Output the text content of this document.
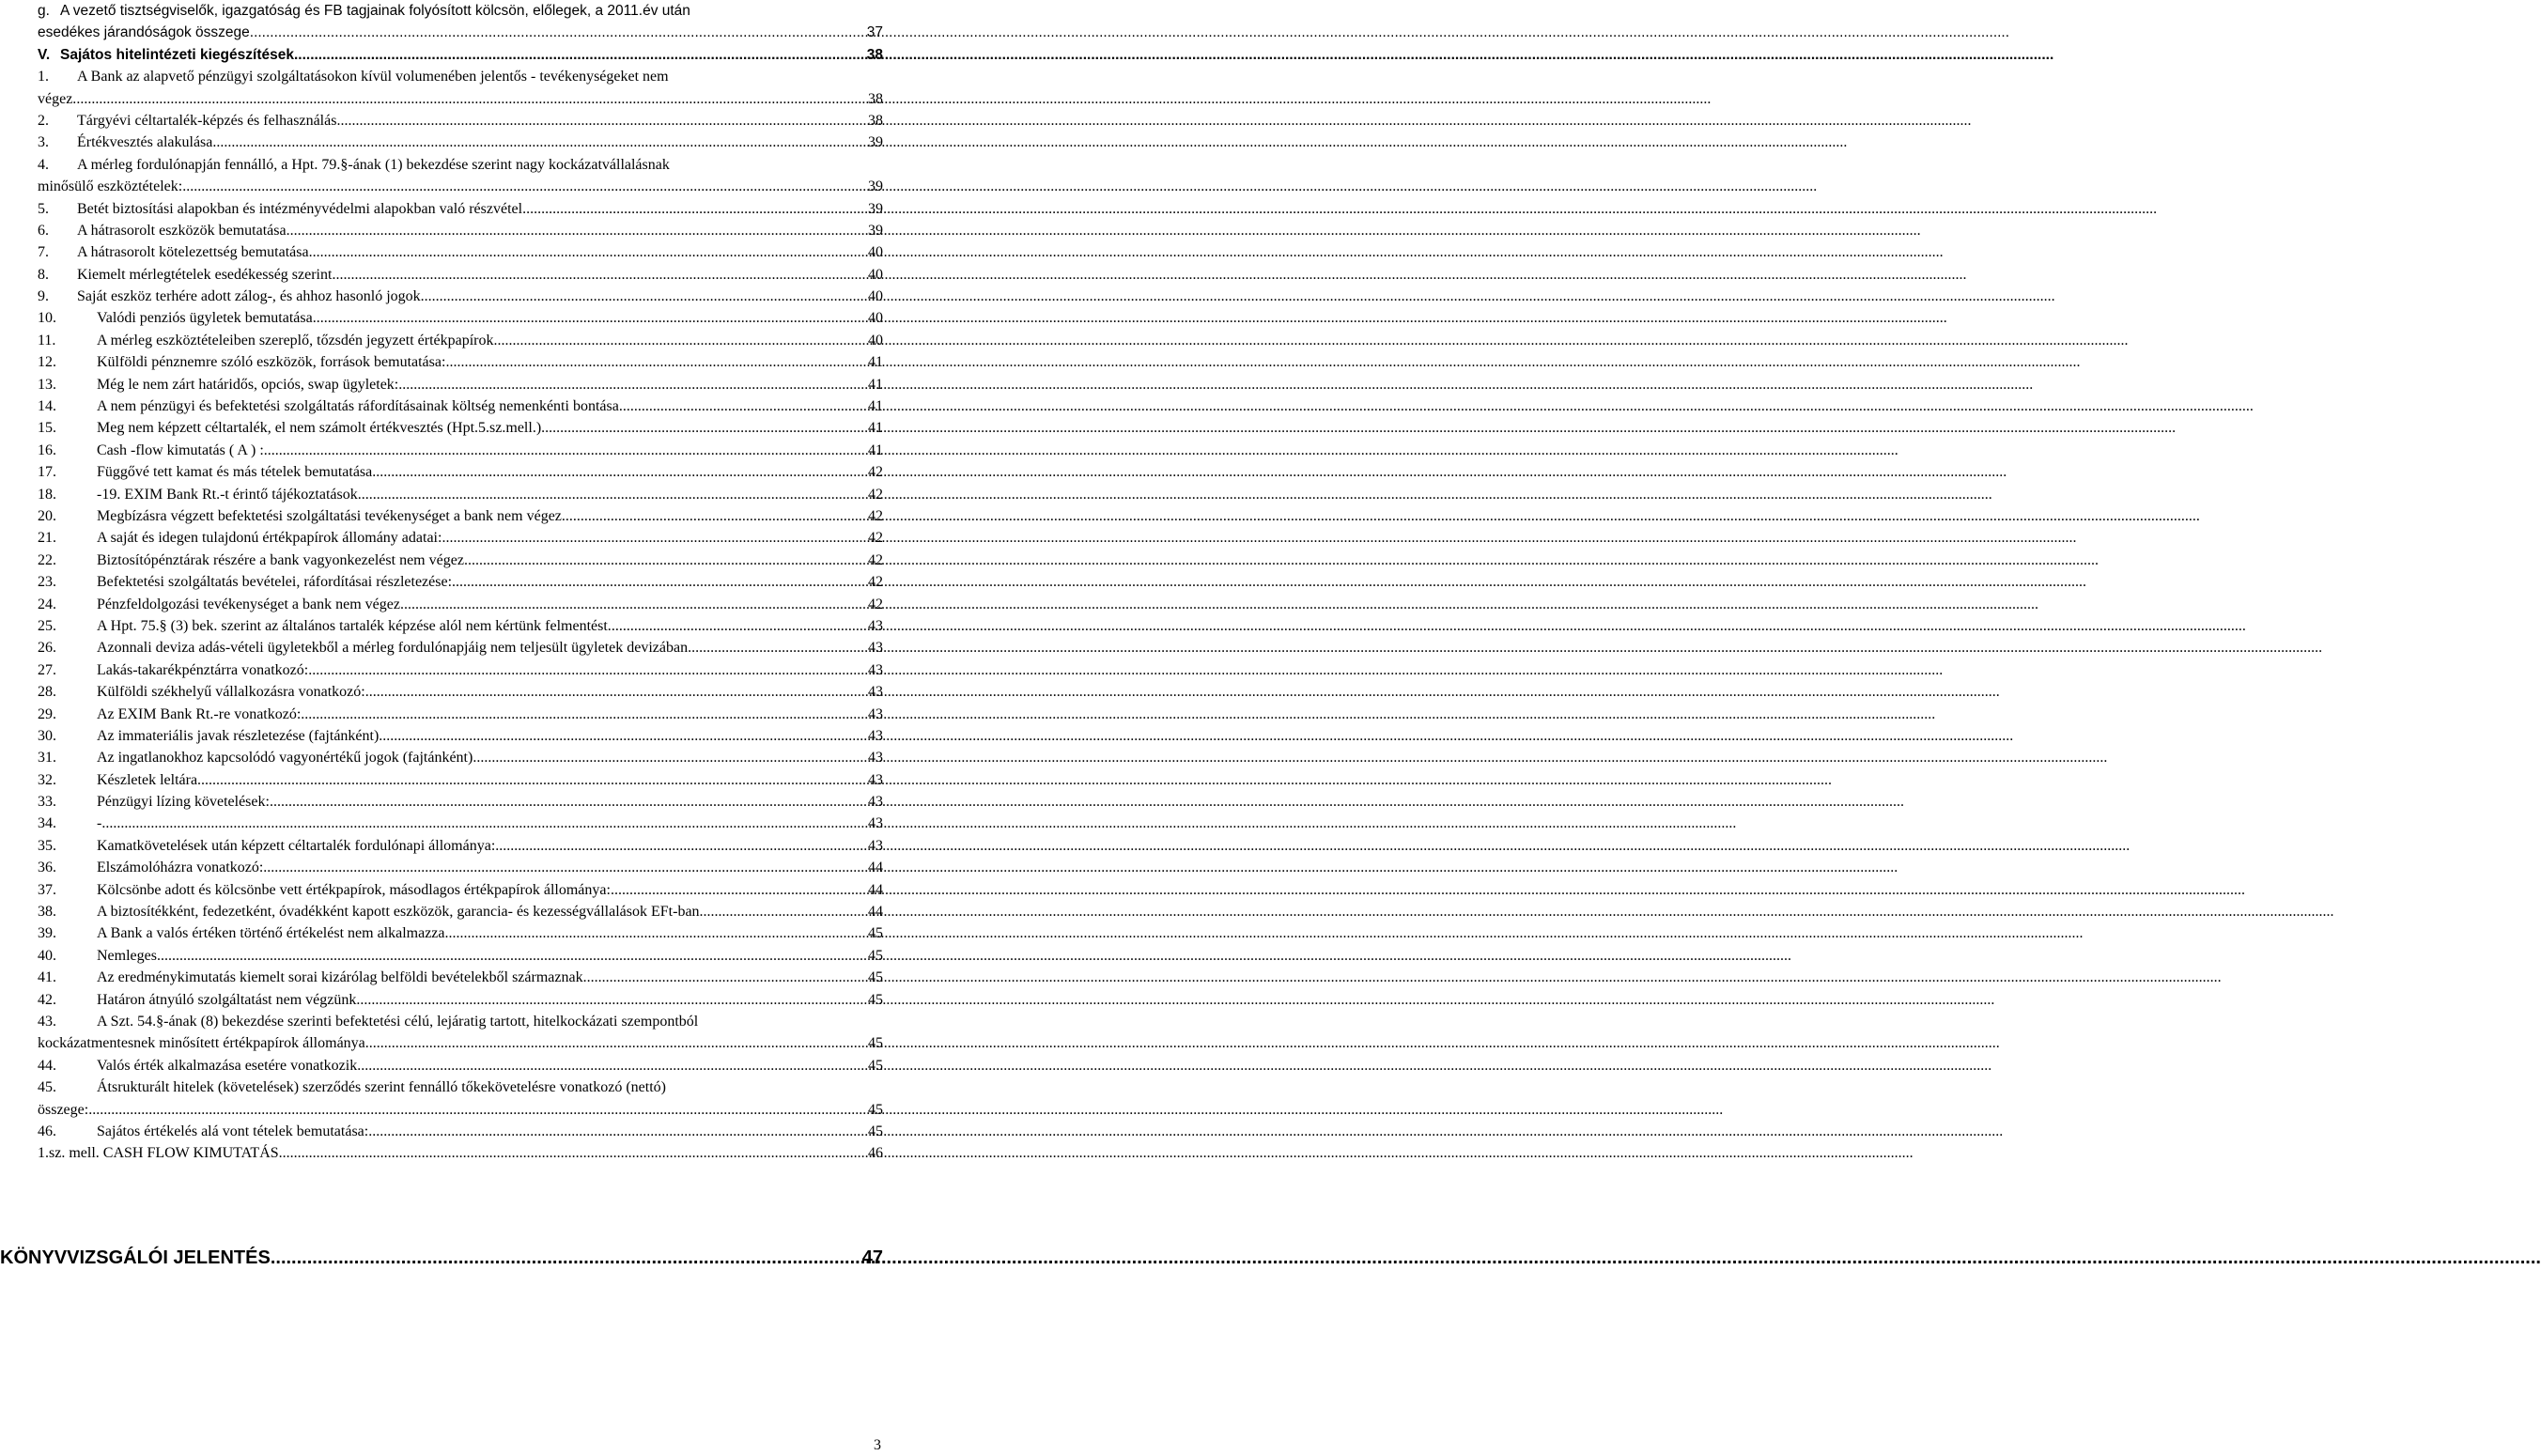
g. A vezető tisztségviselők, igazgatóság és FB tagjainak folyósított kölcsön, előlegek, a 2011.év után
esedékes járandóságok összege .....	37
V. Sajátos hitelintézeti kiegészítések .....	38
1. A Bank az alapvető pénzügyi szolgáltatásokon kívül volumenében jelentős - tevékenységeket nem
végez. .....	38
2.	Tárgyévi céltartalék-képzés és felhasználás .....	38
3.	Értékvesztés alakulása .....	39
4. A mérleg fordulónapján fennálló, a Hpt. 79.§-ának (1) bekezdése szerint nagy kockázatvállalásnak
minősülő eszköztételek: .....	39
5.	Betét biztosítási alapokban és intézményvédelmi alapokban való részvétel .....	39
6.	A hátrasorolt eszközök bemutatása .....	39
7.	A hátrasorolt kötelezettség bemutatása .....	40
8.	Kiemelt mérlegtételek esedékesség szerint .....	40
9.	Saját eszköz terhére adott zálog-, és ahhoz hasonló jogok .....	40
10.	Valódi penziós ügyletek bemutatása .....	40
11.	A mérleg eszköztételeiben szereplő, tőzsdén jegyzett értékpapírok .....	40
12.	Külföldi pénznemre szóló eszközök, források bemutatása: .....	41
13.	Még le nem zárt határidős, opciós, swap ügyletek: .....	41
14.	A nem pénzügyi és befektetési szolgáltatás ráfordításainak költség nemenkénti bontása .....	41
15.	Meg nem képzett céltartalék, el nem számolt értékvesztés (Hpt.5.sz.mell.) .....	41
16.	Cash -flow kimutatás ( A ) : .....	41
17.	Függővé tett kamat és más tételek bemutatása .....	42
18.	-19. EXIM Bank Rt.-t érintő tájékoztatások .....	42
20.	Megbízásra végzett befektetési szolgáltatási tevékenységet a bank nem végez. .....	42
21.	A saját és idegen tulajdonú értékpapírok állomány adatai: .....	42
22.	Biztosítópénztárak részére a bank vagyonkezelést nem végez .....	42
23.	Befektetési szolgáltatás bevételei, ráfordításai részletezése: .....	42
24.	Pénzfeldolgozási tevékenységet a bank nem végez. .....	42
25.	A Hpt. 75.§ (3) bek. szerint az általános tartalék képzése alól nem kértünk felmentést. .....	43
26.	Azonnali deviza adás-vételi ügyletekből a mérleg fordulónapjáig nem teljesült ügyletek devizában .....	43
27.	Lakás-takarékpénztárra vonatkozó: .....	43
28.	Külföldi székhelyű vállalkozásra vonatkozó: .....	43
29.	Az EXIM Bank Rt.-re vonatkozó: .....	43
30.	Az immateriális javak részletezése (fajtánként) .....	43
31.	Az ingatlanokhoz kapcsolódó vagyonértékű jogok (fajtánként) .....	43
32.	Készletek leltára .....	43
33.	Pénzügyi lízing követelések: .....	43
34.	- .....	43
35.	Kamatkövetelések után képzett céltartalék fordulónapi állománya: .....	43
36.	Elszámolóházra vonatkozó: .....	44
37.	Kölcsönbe adott és kölcsönbe vett értékpapírok, másodlagos értékpapírok állománya: .....	44
38.	A biztosítékként, fedezetként, óvadékként kapott eszközök, garancia- és kezességvállalások EFt-ban .....	44
39.	A Bank a valós értéken történő értékelést nem alkalmazza. .....	45
40.	Nemleges .....	45
41.	Az eredménykimutatás kiemelt sorai kizárólag belföldi bevételekből származnak. .....	45
42.	Határon átnyúló szolgáltatást nem végzünk. .....	45
43.	A Szt. 54.§-ának (8) bekezdése szerinti befektetési célú, lejáratig tartott, hitelkockázati szempontból
kockázatmentesnek minősített értékpapírok állománya .....	45
44.	Valós érték alkalmazása esetére vonatkozik .....	45
45.	Átsrukturált hitelek (követelések) szerződés szerint fennálló tőkekövetelésre vonatkozó (nettó)
összege: .....	45
46.	Sajátos értékelés alá vont tételek bemutatása: .....	45
1.sz. mell. CASH FLOW KIMUTATÁS .....	46
KÖNYVVIZSGÁLÓI JELENTÉS .....	47
3
